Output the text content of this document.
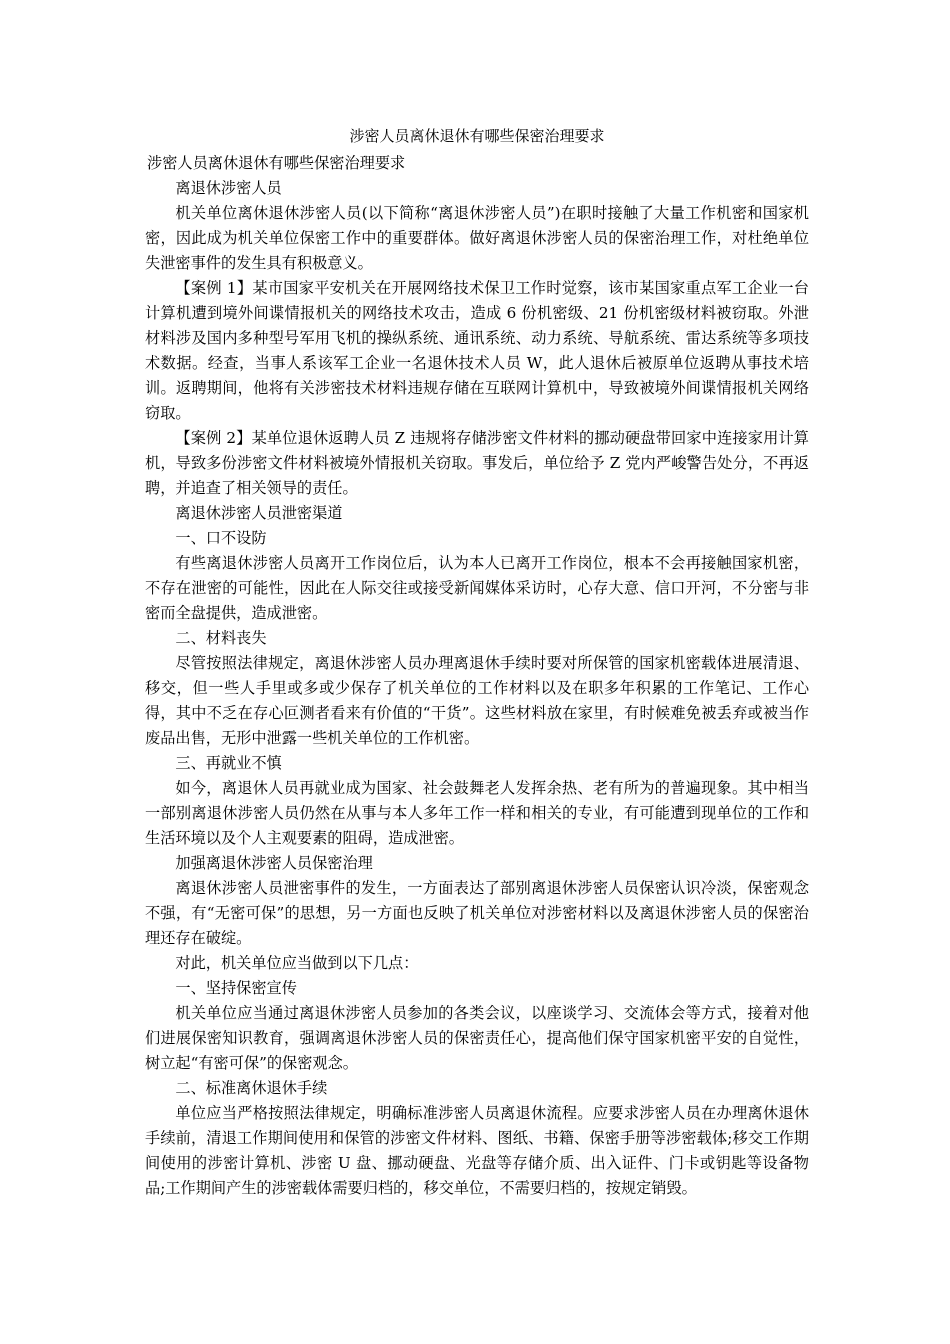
涉密人员离休退休有哪些保密治理要求

涉密人员离休退休有哪些保密治理要求

离退休涉密人员

机关单位离休退休涉密人员(以下简称“离退休涉密人员”)在职时接触了大量工作机密和国家机密，因此成为机关单位保密工作中的重要群体。做好离退休涉密人员的保密治理工作，对杜绝单位失泄密事件的发生具有积极意义。

【案例 1】某市国家平安机关在开展网络技术保卫工作时觉察，该市某国家重点军工企业一台计算机遭到境外间谍情报机关的网络技术攻击，造成 6 份机密级、21 份机密级材料被窃取。外泄材料涉及国内多种型号军用飞机的操纵系统、通讯系统、动力系统、导航系统、雷达系统等多项技术数据。经查，当事人系该军工企业一名退休技术人员 W，此人退休后被原单位返聘从事技术培训。返聘期间，他将有关涉密技术材料违规存储在互联网计算机中，导致被境外间谍情报机关网络窃取。

【案例 2】某单位退休返聘人员 Z 违规将存储涉密文件材料的挪动硬盘带回家中连接家用计算机，导致多份涉密文件材料被境外情报机关窃取。事发后，单位给予 Z 党内严峻警告处分，不再返聘，并追查了相关领导的责任。

离退休涉密人员泄密渠道

一、口不设防

有些离退休涉密人员离开工作岗位后，认为本人已离开工作岗位，根本不会再接触国家机密，不存在泄密的可能性，因此在人际交往或接受新闻媒体采访时，心存大意、信口开河，不分密与非密而全盘提供，造成泄密。

二、材料丧失

尽管按照法律规定，离退休涉密人员办理离退休手续时要对所保管的国家机密载体进展清退、移交，但一些人手里或多或少保存了机关单位的工作材料以及在职多年积累的工作笔记、工作心得，其中不乏在存心叵测者看来有价值的“干货”。这些材料放在家里，有时候难免被丢弃或被当作废品出售，无形中泄露一些机关单位的工作机密。

三、再就业不慎

如今，离退休人员再就业成为国家、社会鼓舞老人发挥余热、老有所为的普遍现象。其中相当一部别离退休涉密人员仍然在从事与本人多年工作一样和相关的专业，有可能遭到现单位的工作和生活环境以及个人主观要素的阻碍，造成泄密。

加强离退休涉密人员保密治理

离退休涉密人员泄密事件的发生，一方面表达了部别离退休涉密人员保密认识冷淡，保密观念不强，有“无密可保”的思想，另一方面也反映了机关单位对涉密材料以及离退休涉密人员的保密治理还存在破绽。

对此，机关单位应当做到以下几点：

一、坚持保密宣传

机关单位应当通过离退休涉密人员参加的各类会议，以座谈学习、交流体会等方式，接着对他们进展保密知识教育，强调离退休涉密人员的保密责任心，提高他们保守国家机密平安的自觉性，树立起“有密可保”的保密观念。

二、标准离休退休手续

单位应当严格按照法律规定，明确标准涉密人员离退休流程。应要求涉密人员在办理离休退休手续前，清退工作期间使用和保管的涉密文件材料、图纸、书籍、保密手册等涉密载体;移交工作期间使用的涉密计算机、涉密 U 盘、挪动硬盘、光盘等存储介质、出入证件、门卡或钥匙等设备物品;工作期间产生的涉密载体需要归档的，移交单位，不需要归档的，按规定销毁。
